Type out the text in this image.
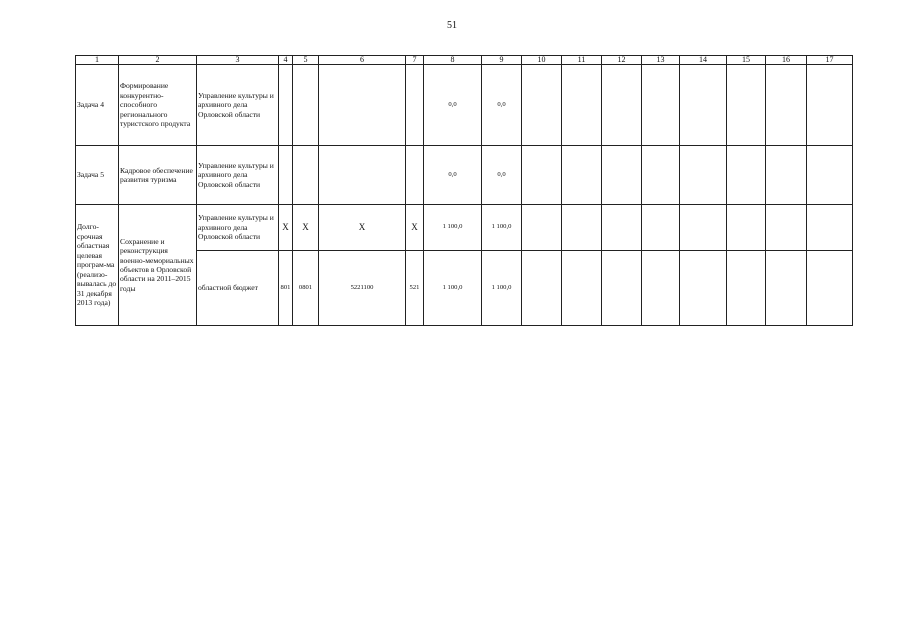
51
1	2	3	4	5	6	7	8	9	10	11	12	13	14	15	16	17
Задача 4	Формирование конкурентно-способного регионального туристского продукта	Управление культуры и архивного дела Орловской области					0,0	0,0								
Задача 5	Кадровое обеспечение развития туризма	Управление культуры и архивного дела Орловской области					0,0	0,0								
Долго-срочная областная целевая програм-ма (реализо-вывалась до 31 декабря 2013 года)	Сохранение и реконструкция военно-мемориальных объектов в Орловской области на 2011–2015 годы	Управление культуры и архивного дела Орловской области	Х	Х	Х	Х	1 100,0	1 100,0								
		областной бюджет	801	0801	5221100	521	1 100,0	1 100,0								
